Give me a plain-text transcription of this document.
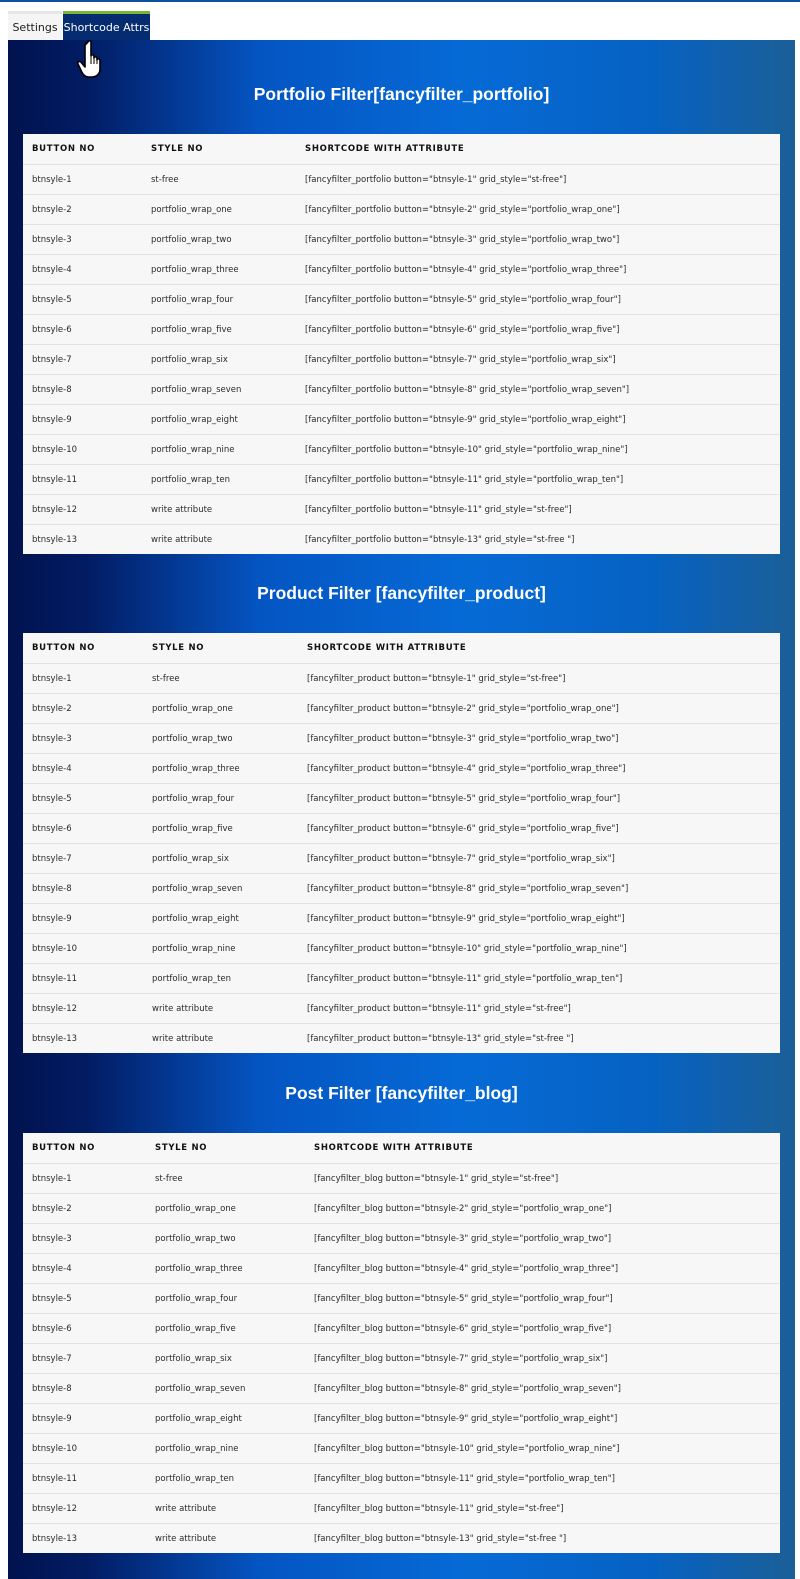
Settings Shortcode Attrs
Portfolio Filter[fancyfilter_portfolio]
BUTTON NO	STYLE NO	SHORTCODE WITH ATTRIBUTE
btnsyle-1	st-free	[fancyfilter_portfolio button="btnsyle-1" grid_style="st-free"]
btnsyle-2	portfolio_wrap_one	[fancyfilter_portfolio button="btnsyle-2" grid_style="portfolio_wrap_one"]
btnsyle-3	portfolio_wrap_two	[fancyfilter_portfolio button="btnsyle-3" grid_style="portfolio_wrap_two"]
btnsyle-4	portfolio_wrap_three	[fancyfilter_portfolio button="btnsyle-4" grid_style="portfolio_wrap_three"]
btnsyle-5	portfolio_wrap_four	[fancyfilter_portfolio button="btnsyle-5" grid_style="portfolio_wrap_four"]
btnsyle-6	portfolio_wrap_five	[fancyfilter_portfolio button="btnsyle-6" grid_style="portfolio_wrap_five"]
btnsyle-7	portfolio_wrap_six	[fancyfilter_portfolio button="btnsyle-7" grid_style="portfolio_wrap_six"]
btnsyle-8	portfolio_wrap_seven	[fancyfilter_portfolio button="btnsyle-8" grid_style="portfolio_wrap_seven"]
btnsyle-9	portfolio_wrap_eight	[fancyfilter_portfolio button="btnsyle-9" grid_style="portfolio_wrap_eight"]
btnsyle-10	portfolio_wrap_nine	[fancyfilter_portfolio button="btnsyle-10" grid_style="portfolio_wrap_nine"]
btnsyle-11	portfolio_wrap_ten	[fancyfilter_portfolio button="btnsyle-11" grid_style="portfolio_wrap_ten"]
btnsyle-12	write attribute	[fancyfilter_portfolio button="btnsyle-11" grid_style="st-free"]
btnsyle-13	write attribute	[fancyfilter_portfolio button="btnsyle-13" grid_style="st-free "]
Product Filter [fancyfilter_product]
BUTTON NO	STYLE NO	SHORTCODE WITH ATTRIBUTE
btnsyle-1	st-free	[fancyfilter_product button="btnsyle-1" grid_style="st-free"]
btnsyle-2	portfolio_wrap_one	[fancyfilter_product button="btnsyle-2" grid_style="portfolio_wrap_one"]
btnsyle-3	portfolio_wrap_two	[fancyfilter_product button="btnsyle-3" grid_style="portfolio_wrap_two"]
btnsyle-4	portfolio_wrap_three	[fancyfilter_product button="btnsyle-4" grid_style="portfolio_wrap_three"]
btnsyle-5	portfolio_wrap_four	[fancyfilter_product button="btnsyle-5" grid_style="portfolio_wrap_four"]
btnsyle-6	portfolio_wrap_five	[fancyfilter_product button="btnsyle-6" grid_style="portfolio_wrap_five"]
btnsyle-7	portfolio_wrap_six	[fancyfilter_product button="btnsyle-7" grid_style="portfolio_wrap_six"]
btnsyle-8	portfolio_wrap_seven	[fancyfilter_product button="btnsyle-8" grid_style="portfolio_wrap_seven"]
btnsyle-9	portfolio_wrap_eight	[fancyfilter_product button="btnsyle-9" grid_style="portfolio_wrap_eight"]
btnsyle-10	portfolio_wrap_nine	[fancyfilter_product button="btnsyle-10" grid_style="portfolio_wrap_nine"]
btnsyle-11	portfolio_wrap_ten	[fancyfilter_product button="btnsyle-11" grid_style="portfolio_wrap_ten"]
btnsyle-12	write attribute	[fancyfilter_product button="btnsyle-11" grid_style="st-free"]
btnsyle-13	write attribute	[fancyfilter_product button="btnsyle-13" grid_style="st-free "]
Post Filter [fancyfilter_blog]
BUTTON NO	STYLE NO	SHORTCODE WITH ATTRIBUTE
btnsyle-1	st-free	[fancyfilter_blog button="btnsyle-1" grid_style="st-free"]
btnsyle-2	portfolio_wrap_one	[fancyfilter_blog button="btnsyle-2" grid_style="portfolio_wrap_one"]
btnsyle-3	portfolio_wrap_two	[fancyfilter_blog button="btnsyle-3" grid_style="portfolio_wrap_two"]
btnsyle-4	portfolio_wrap_three	[fancyfilter_blog button="btnsyle-4" grid_style="portfolio_wrap_three"]
btnsyle-5	portfolio_wrap_four	[fancyfilter_blog button="btnsyle-5" grid_style="portfolio_wrap_four"]
btnsyle-6	portfolio_wrap_five	[fancyfilter_blog button="btnsyle-6" grid_style="portfolio_wrap_five"]
btnsyle-7	portfolio_wrap_six	[fancyfilter_blog button="btnsyle-7" grid_style="portfolio_wrap_six"]
btnsyle-8	portfolio_wrap_seven	[fancyfilter_blog button="btnsyle-8" grid_style="portfolio_wrap_seven"]
btnsyle-9	portfolio_wrap_eight	[fancyfilter_blog button="btnsyle-9" grid_style="portfolio_wrap_eight"]
btnsyle-10	portfolio_wrap_nine	[fancyfilter_blog button="btnsyle-10" grid_style="portfolio_wrap_nine"]
btnsyle-11	portfolio_wrap_ten	[fancyfilter_blog button="btnsyle-11" grid_style="portfolio_wrap_ten"]
btnsyle-12	write attribute	[fancyfilter_blog button="btnsyle-11" grid_style="st-free"]
btnsyle-13	write attribute	[fancyfilter_blog button="btnsyle-13" grid_style="st-free "]
